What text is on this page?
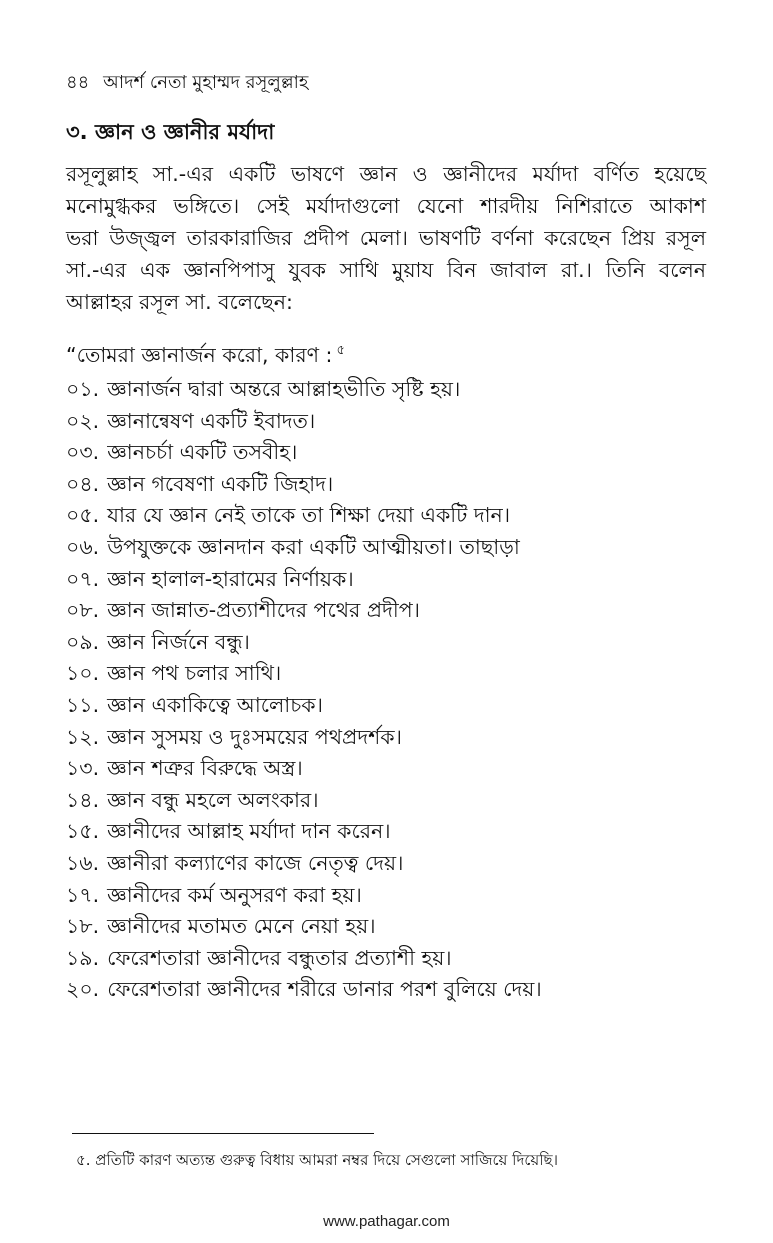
৪৪ আদর্শ নেতা মুহাম্মদ রসূলুল্লাহ
৩. জ্ঞান ও জ্ঞানীর মর্যাদা
রসূলুল্লাহ সা.-এর একটি ভাষণে জ্ঞান ও জ্ঞানীদের মর্যাদা বর্ণিত হয়েছে
মনোমুগ্ধকর ভঙ্গিতে। সেই মর্যাদাগুলো যেনো শারদীয় নিশিরাতে আকাশ
ভরা উজ্জ্বল তারকারাজির প্রদীপ মেলা। ভাষণটি বর্ণনা করেছেন প্রিয় রসূল
সা.-এর এক জ্ঞানপিপাসু যুবক সাথি মুয়ায বিন জাবাল রা.। তিনি বলেন
আল্লাহর রসূল সা. বলেছেন:
“তোমরা জ্ঞানার্জন করো, কারণ : $^৫$
০১. জ্ঞানার্জন দ্বারা অন্তরে আল্লাহভীতি সৃষ্টি হয়।
০২. জ্ঞানান্বেষণ একটি ইবাদত।
০৩. জ্ঞানচর্চা একটি তসবীহ।
০৪. জ্ঞান গবেষণা একটি জিহাদ।
০৫. যার যে জ্ঞান নেই তাকে তা শিক্ষা দেয়া একটি দান।
০৬. উপযুক্তকে জ্ঞানদান করা একটি আত্মীয়তা। তাছাড়া
০৭. জ্ঞান হালাল-হারামের নির্ণায়ক।
০৮. জ্ঞান জান্নাত-প্রত্যাশীদের পথের প্রদীপ।
০৯. জ্ঞান নির্জনে বন্ধু।
১০. জ্ঞান পথ চলার সাথি।
১১. জ্ঞান একাকিত্বে আলোচক।
১২. জ্ঞান সুসময় ও দুঃসময়ের পথপ্রদর্শক।
১৩. জ্ঞান শত্রুর বিরুদ্ধে অস্ত্র।
১৪. জ্ঞান বন্ধু মহলে অলংকার।
১৫. জ্ঞানীদের আল্লাহ মর্যাদা দান করেন।
১৬. জ্ঞানীরা কল্যাণের কাজে নেতৃত্ব দেয়।
১৭. জ্ঞানীদের কর্ম অনুসরণ করা হয়।
১৮. জ্ঞানীদের মতামত মেনে নেয়া হয়।
১৯. ফেরেশতারা জ্ঞানীদের বন্ধুতার প্রত্যাশী হয়।
২০. ফেরেশতারা জ্ঞানীদের শরীরে ডানার পরশ বুলিয়ে দেয়।
৫. প্রতিটি কারণ অত্যন্ত গুরুত্ব বিধায় আমরা নম্বর দিয়ে সেগুলো সাজিয়ে দিয়েছি।
www.pathagar.com
